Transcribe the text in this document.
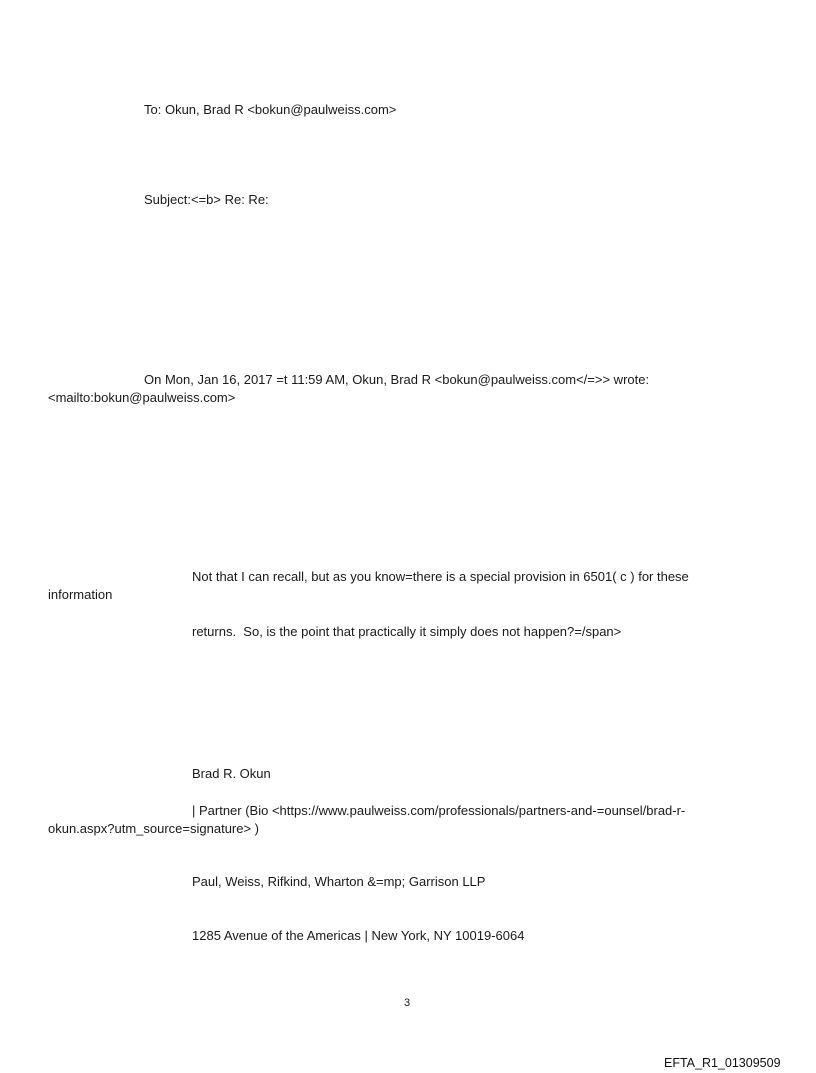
To: Okun, Brad R <bokun@paulweiss.com>
Subject:<=b> Re: Re:
On Mon, Jan 16, 2017 =t 11:59 AM, Okun, Brad R <bokun@paulweiss.com</=>> wrote:
<mailto:bokun@paulweiss.com>
Not that I can recall, but as you know=there is a special provision in 6501( c ) for these
information
returns.  So, is the point that practically it simply does not happen?=/span>
Brad R. Okun
| Partner (Bio <https://www.paulweiss.com/professionals/partners-and-=ounsel/brad-r-
okun.aspx?utm_source=signature> )
Paul, Weiss, Rifkind, Wharton &=mp; Garrison LLP
1285 Avenue of the Americas | New York, NY 10019-6064
3
EFTA_R1_01309509
